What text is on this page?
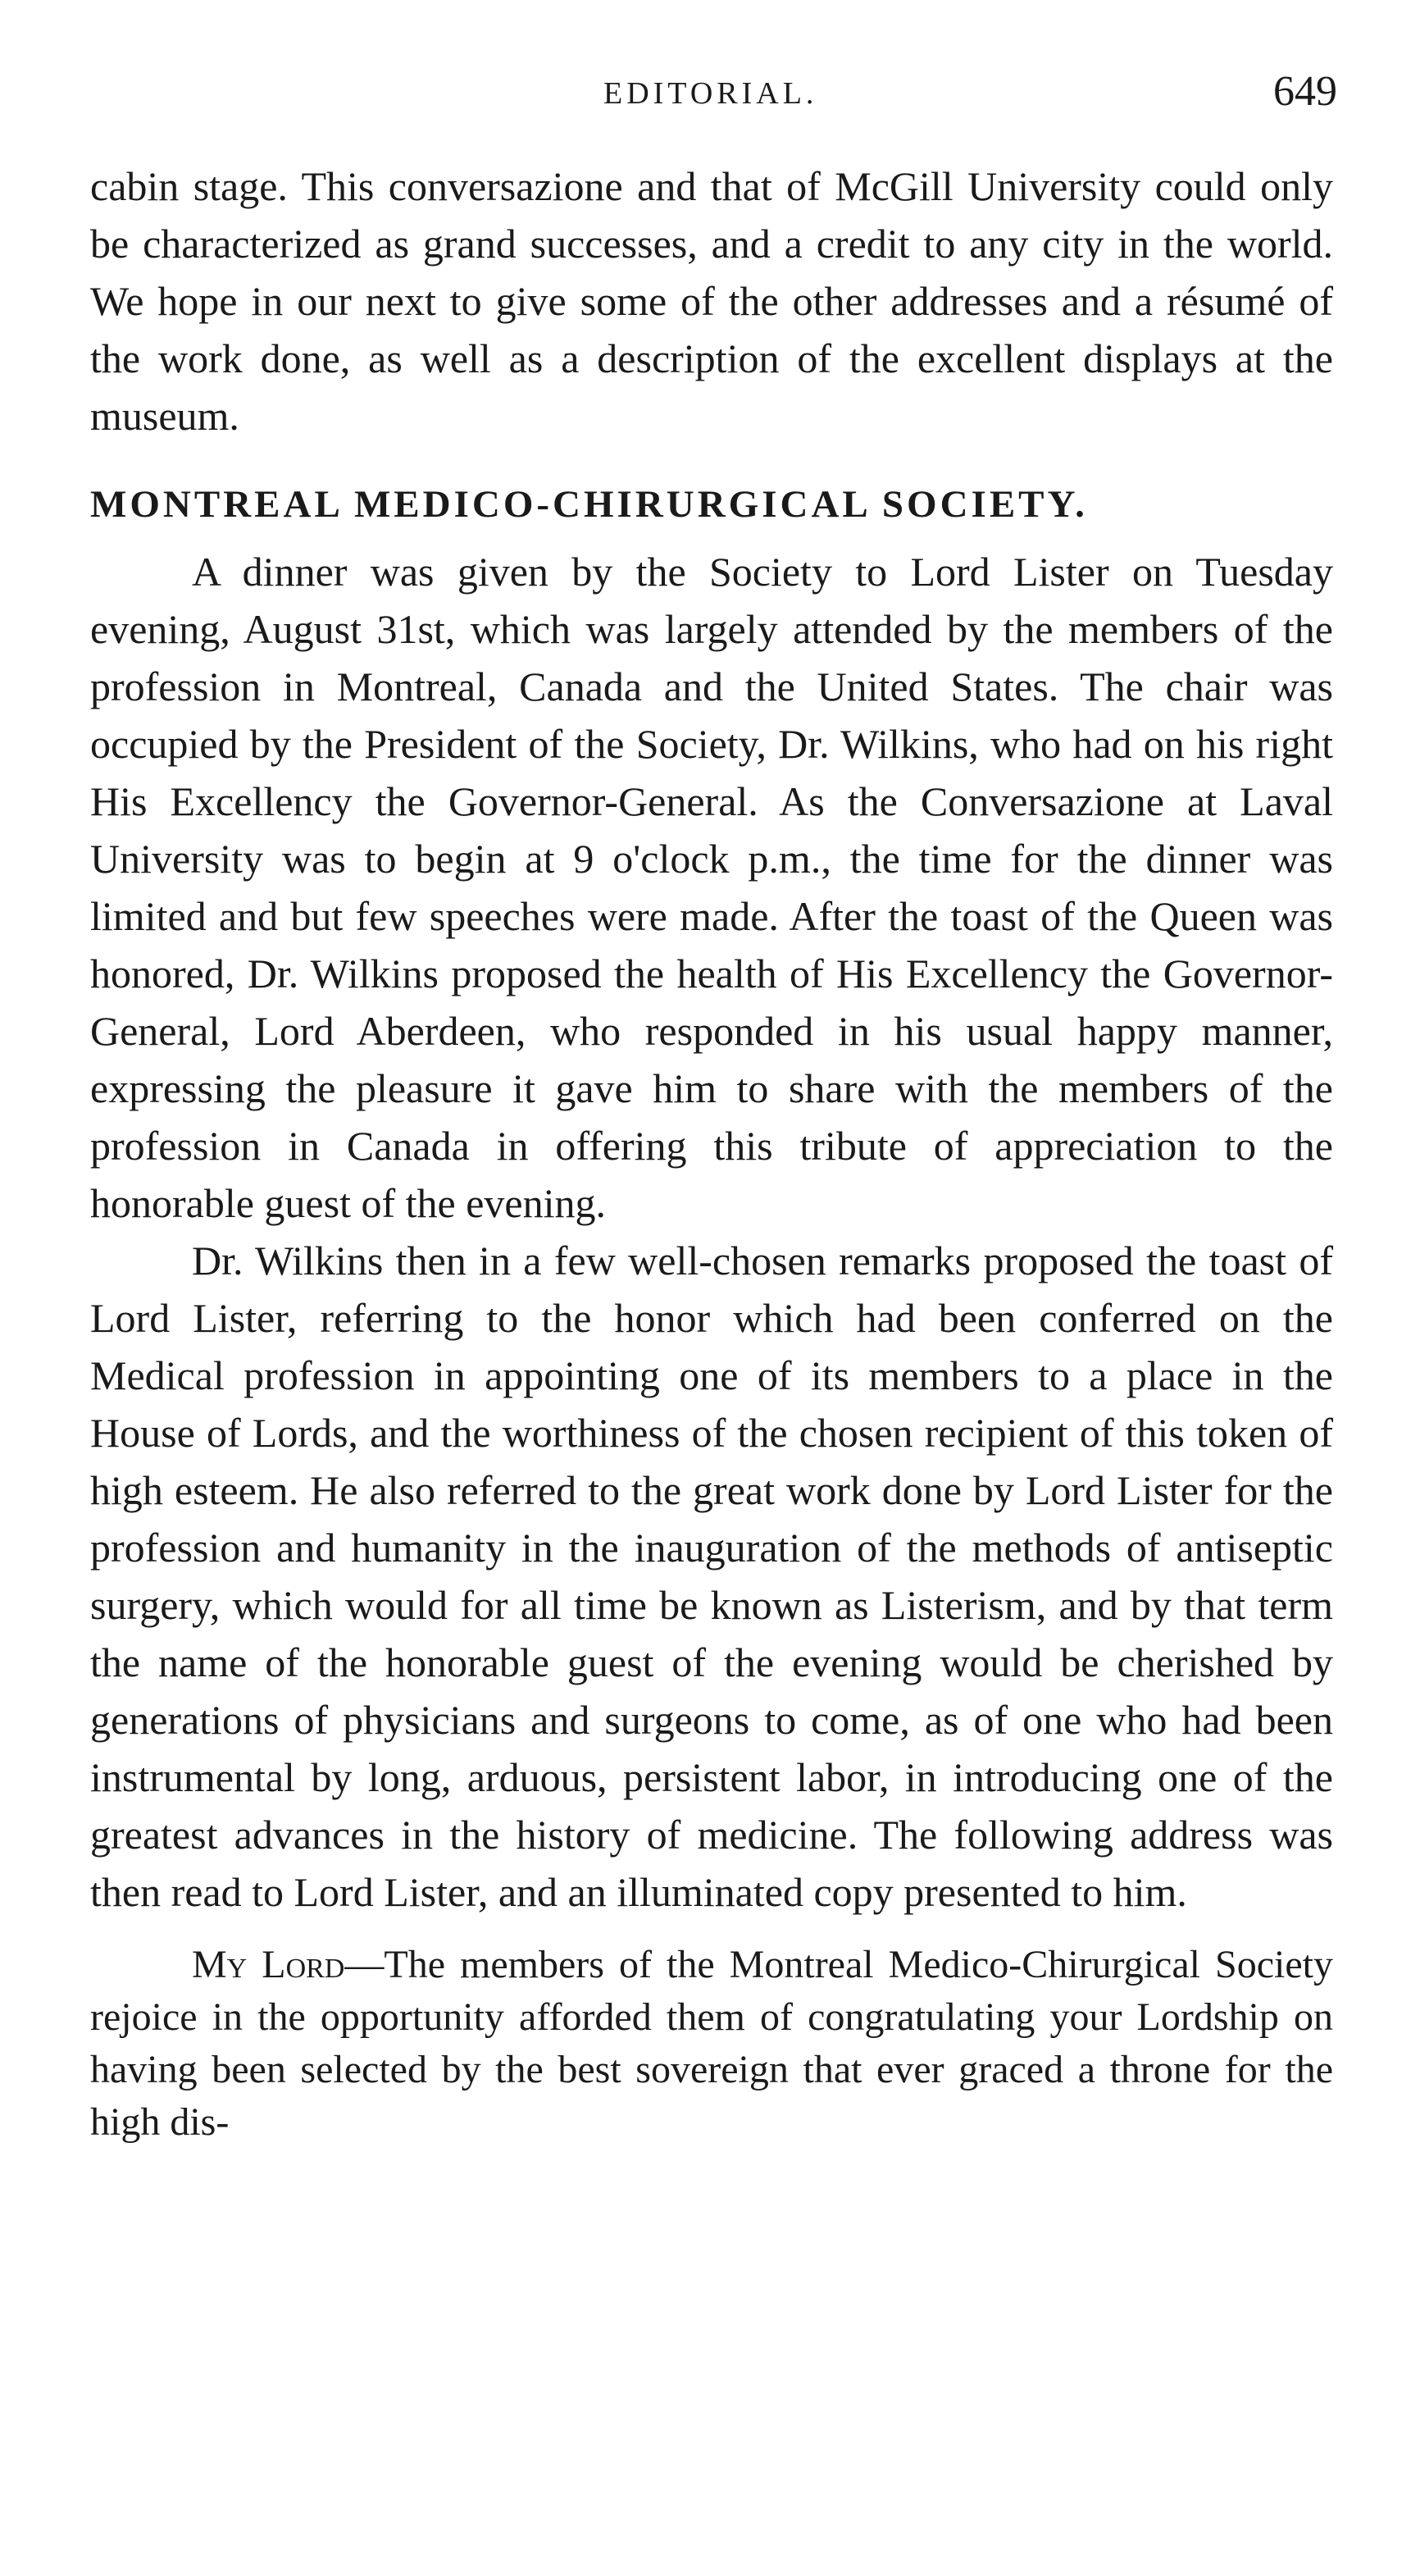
EDITORIAL.	649

cabin stage. This conversazione and that of McGill University could only be characterized as grand successes, and a credit to any city in the world. We hope in our next to give some of the other addresses and a résumé of the work done, as well as a description of the excellent displays at the museum.

MONTREAL MEDICO-CHIRURGICAL SOCIETY.

A dinner was given by the Society to Lord Lister on Tuesday evening, August 31st, which was largely attended by the members of the profession in Montreal, Canada and the United States. The chair was occupied by the President of the Society, Dr. Wilkins, who had on his right His Excellency the Governor-General. As the Conversazione at Laval University was to begin at 9 o'clock p.m., the time for the dinner was limited and but few speeches were made. After the toast of the Queen was honored, Dr. Wilkins proposed the health of His Excellency the Governor-General, Lord Aberdeen, who responded in his usual happy manner, expressing the pleasure it gave him to share with the members of the profession in Canada in offering this tribute of appreciation to the honorable guest of the evening.

Dr. Wilkins then in a few well-chosen remarks proposed the toast of Lord Lister, referring to the honor which had been conferred on the Medical profession in appointing one of its members to a place in the House of Lords, and the worthiness of the chosen recipient of this token of high esteem. He also referred to the great work done by Lord Lister for the profession and humanity in the inauguration of the methods of antiseptic surgery, which would for all time be known as Listerism, and by that term the name of the honorable guest of the evening would be cherished by generations of physicians and surgeons to come, as of one who had been instrumental by long, arduous, persistent labor, in introducing one of the greatest advances in the history of medicine. The following address was then read to Lord Lister, and an illuminated copy presented to him.

My Lord—The members of the Montreal Medico-Chirurgical Society rejoice in the opportunity afforded them of congratulating your Lordship on having been selected by the best sovereign that ever graced a throne for the high dis-
